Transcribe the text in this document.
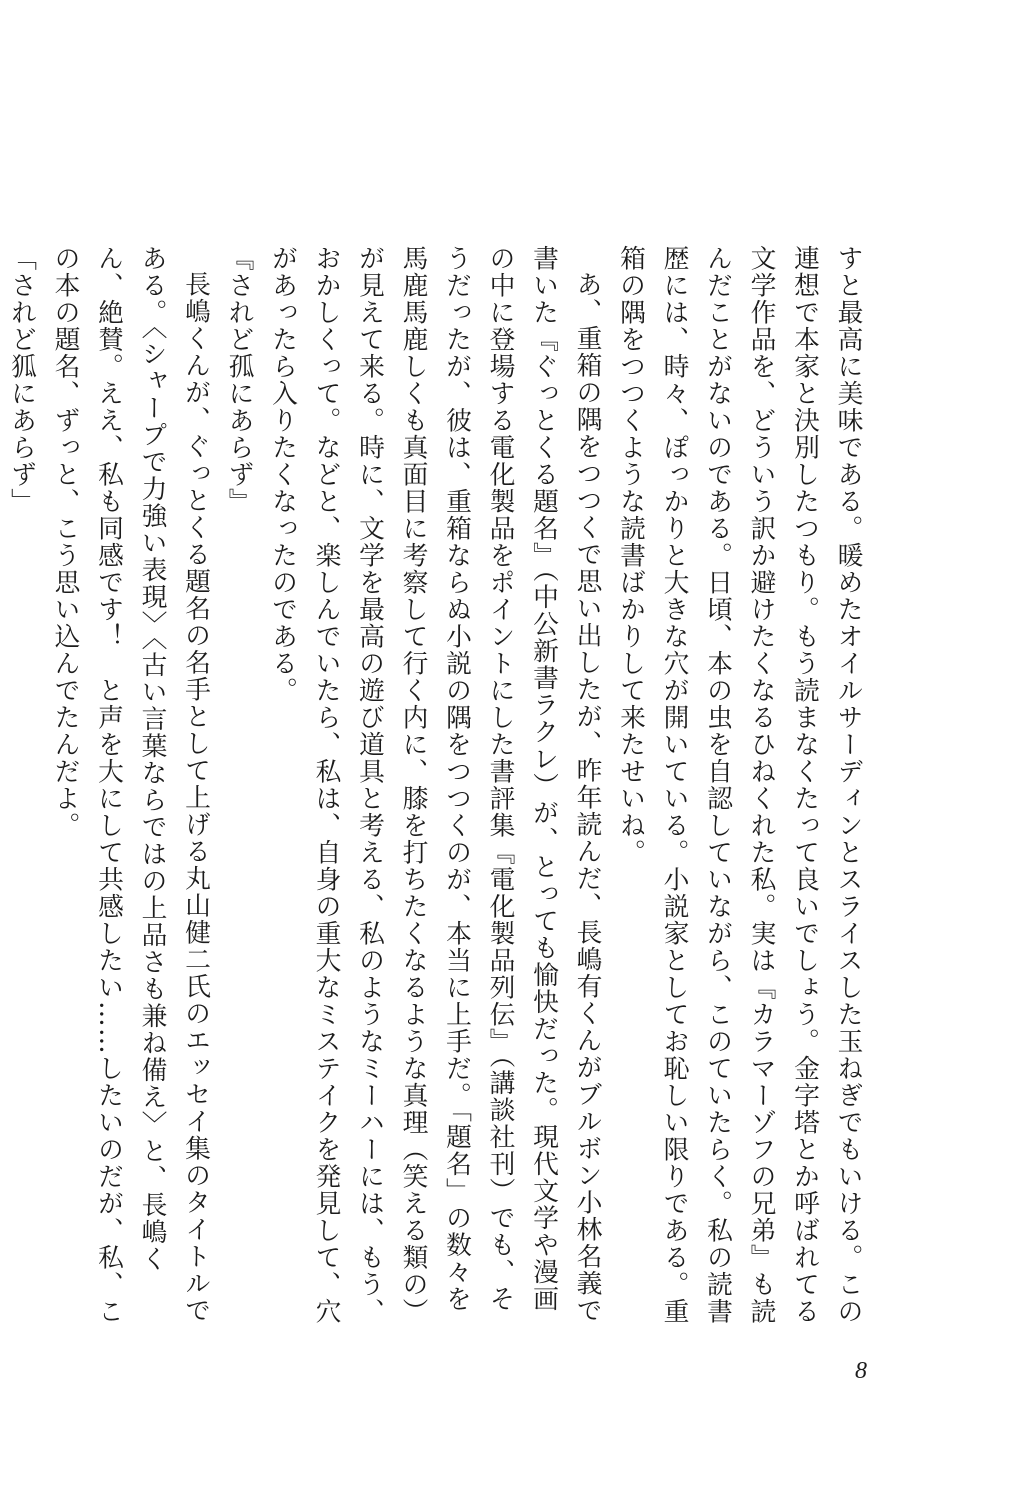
すと最高に美味である。暖めたオイルサーディンとスライスした玉ねぎでもいける。この連想で本家と決別したつもり。もう読まなくたって良いでしょう。金字塔とか呼ばれてる文学作品を、どういう訳か避けたくなるひねくれた私。実は『カラマーゾフの兄弟』も読んだことがないのである。日頃、本の虫を自認していながら、このていたらく。私の読書歴には、時々、ぽっかりと大きな穴が開いている。小説家としてお恥しい限りである。重箱の隅をつつくような読書ばかりして来たせいね。

あ、重箱の隅をつつくで思い出したが、昨年読んだ、長嶋有くんがブルボン小林名義で書いた『ぐっとくる題名』（中公新書ラクレ）が、とっても愉快だった。現代文学や漫画の中に登場する電化製品をポイントにした書評集『電化製品列伝』（講談社刊）でも、そうだったが、彼は、重箱ならぬ小説の隅をつつくのが、本当に上手だ。「題名」の数々を馬鹿馬鹿しくも真面目に考察して行く内に、膝を打ちたくなるような真理（笑える類の）が見えて来る。時に、文学を最高の遊び道具と考える、私のようなミーハーには、もう、おかしくって。などと、楽しんでいたら、私は、自身の重大なミステイクを発見して、穴があったら入りたくなったのである。

『されど孤にあらず』

長嶋くんが、ぐっとくる題名の名手として上げる丸山健二氏のエッセイ集のタイトルである。〈シャープで力強い表現〉〈古い言葉ならではの上品さも兼ね備え〉と、長嶋くん、絶賛。ええ、私も同感です！　と声を大にして共感したい……したいのだが、私、この本の題名、ずっと、こう思い込んでたんだよ。

「されど狐にあらず」

8
